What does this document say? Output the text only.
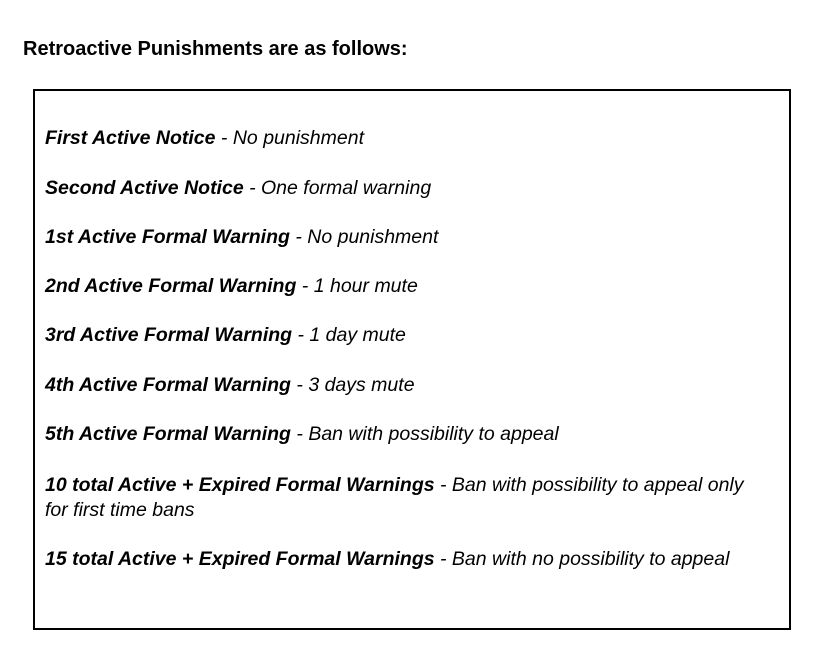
Retroactive Punishments are as follows:
First Active Notice - No punishment
Second Active Notice - One formal warning
1st Active Formal Warning - No punishment
2nd Active Formal Warning - 1 hour mute
3rd Active Formal Warning - 1 day mute
4th Active Formal Warning - 3 days mute
5th Active Formal Warning - Ban with possibility to appeal
10 total Active + Expired Formal Warnings - Ban with possibility to appeal only for first time bans
15 total Active + Expired Formal Warnings - Ban with no possibility to appeal
